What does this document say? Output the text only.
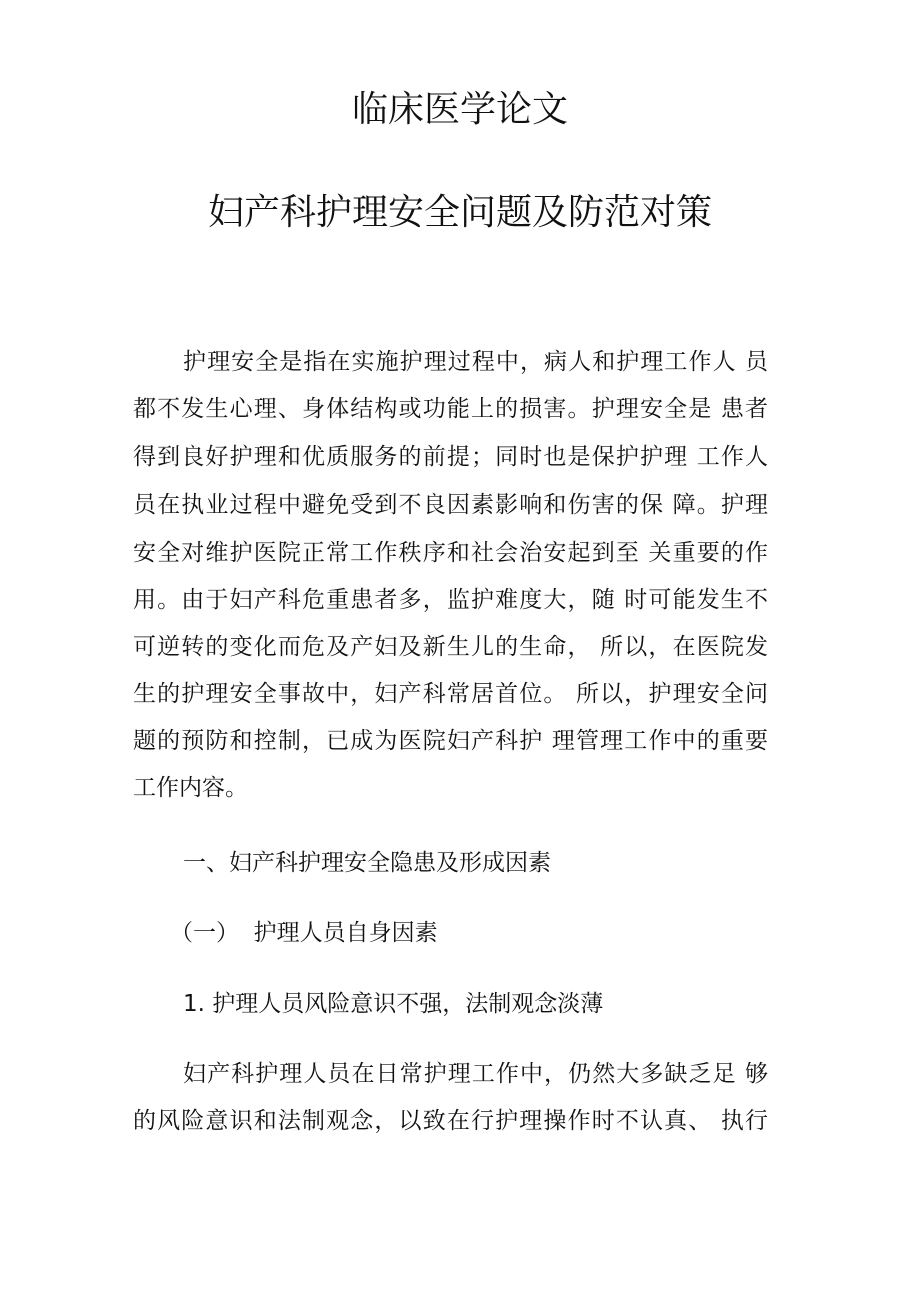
临床医学论文
妇产科护理安全问题及防范对策
护理安全是指在实施护理过程中，病人和护理工作人 员
都不发生心理、身体结构或功能上的损害。护理安全是 患者
得到良好护理和优质服务的前提；同时也是保护护理 工作人
员在执业过程中避免受到不良因素影响和伤害的保 障。护理
安全对维护医院正常工作秩序和社会治安起到至 关重要的作
用。由于妇产科危重患者多，监护难度大，随 时可能发生不
可逆转的变化而危及产妇及新生儿的生命， 所以，在医院发
生的护理安全事故中，妇产科常居首位。 所以，护理安全问
题的预防和控制，已成为医院妇产科护 理管理工作中的重要
工作内容。
一、妇产科护理安全隐患及形成因素
（一）  护理人员自身因素
1. 护理人员风险意识不强，法制观念淡薄
妇产科护理人员在日常护理工作中，仍然大多缺乏足 够
的风险意识和法制观念，以致在行护理操作时不认真、 执行
